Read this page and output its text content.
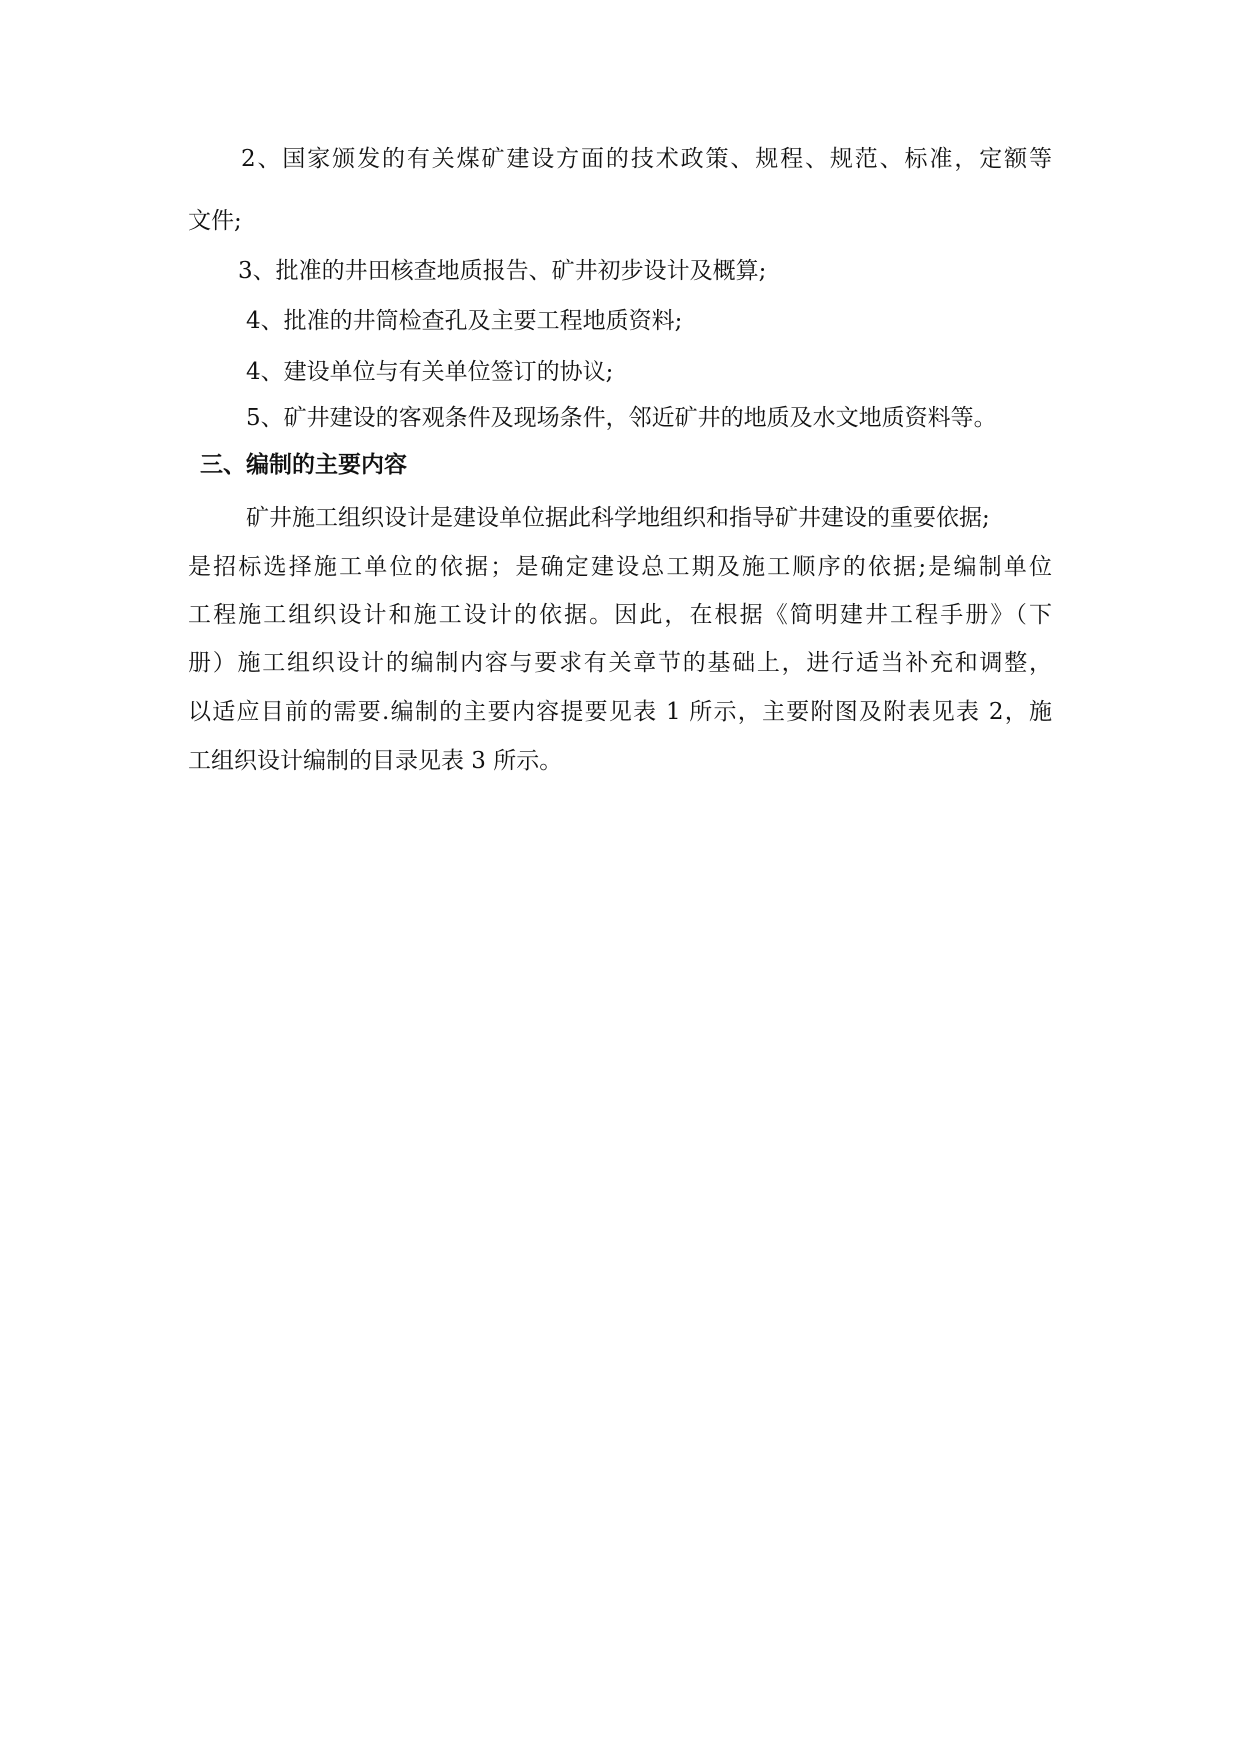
2、国家颁发的有关煤矿建设方面的技术政策、规程、规范、标准，定额等
文件;
3、批准的井田核查地质报告、矿井初步设计及概算;
4、批准的井筒检查孔及主要工程地质资料;
4、建设单位与有关单位签订的协议;
5、矿井建设的客观条件及现场条件，邻近矿井的地质及水文地质资料等。
三、编制的主要内容
矿井施工组织设计是建设单位据此科学地组织和指导矿井建设的重要依据;
是招标选择施工单位的依据；是确定建设总工期及施工顺序的依据;是编制单位
工程施工组织设计和施工设计的依据。因此，在根据《简明建井工程手册》（下
册）施工组织设计的编制内容与要求有关章节的基础上，进行适当补充和调整，
以适应目前的需要.编制的主要内容提要见表 1 所示，主要附图及附表见表 2，施
工组织设计编制的目录见表 3 所示。
